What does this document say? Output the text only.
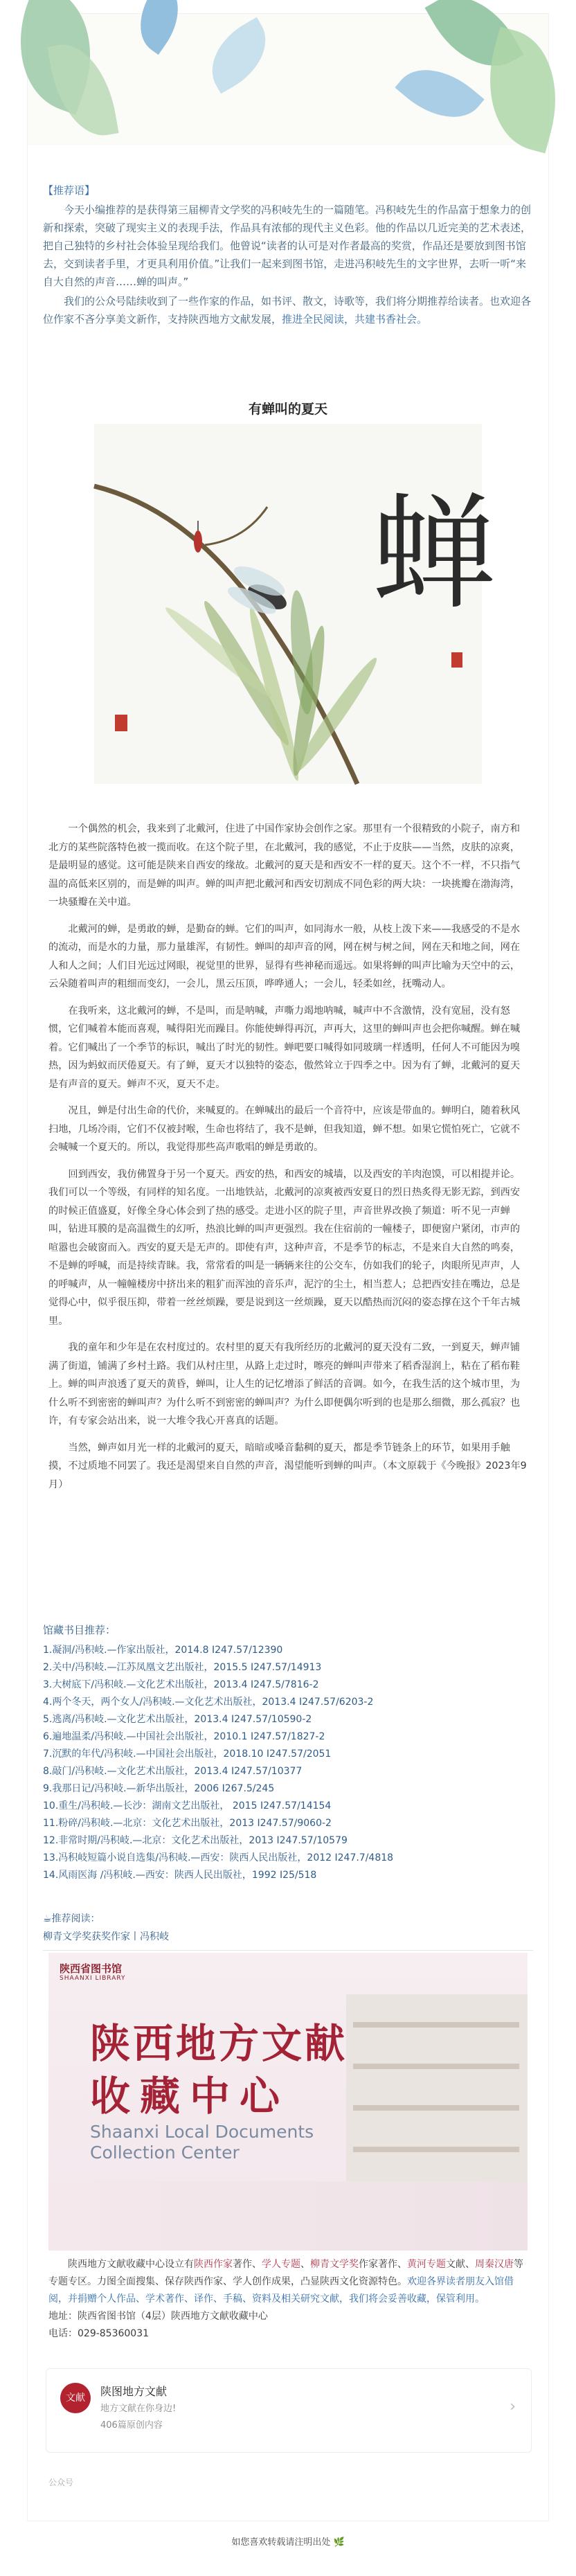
【推荐语】

今天小编推荐的是获得第三届柳青文学奖的冯积岐先生的一篇随笔。冯积岐先生的作品富于想象力的创新和探索，突破了现实主义的表现手法，作品具有浓郁的现代主义色彩。他的作品以几近完美的艺术表述，把自己独特的乡村社会体验呈现给我们。他曾说“读者的认可是对作者最高的奖赏，作品还是要放到图书馆去，交到读者手里，才更具利用价值。”让我们一起来到图书馆，走进冯积岐先生的文字世界，去听一听“来自大自然的声音……蝉的叫声。”

我们的公众号陆续收到了一些作家的作品，如书评、散文，诗歌等，我们将分期推荐给读者。也欢迎各位作家不吝分享美文新作，支持陕西地方文献发展，推进全民阅读，共建书香社会。

有蝉叫的夏天
蝉

一个偶然的机会，我来到了北戴河，住进了中国作家协会创作之家。那里有一个很精致的小院子，南方和北方的某些院落特色被一揽而收。在这个院子里，在北戴河，我的感觉，不止于皮肤——当然，皮肤的凉爽，是最明显的感觉。这可能是陕来自西安的缘故。北戴河的夏天是和西安不一样的夏天。这个不一样，不只指气温的高低来区别的，而是蝉的叫声。蝉的叫声把北戴河和西安切割成不同色彩的两大块：一块挑瓣在渤海湾，一块骚瓣在关中道。

北戴河的蝉，是勇敢的蝉，是勤奋的蝉。它们的叫声，如同海水一般，从枝上泼下来——我感受的不是水的流动，而是水的力量，那力量雄浑，有韧性。蝉叫的却声音的网，网在树与树之间，网在天和地之间，网在人和人之间；人们目光远过网眼，视觉里的世界，显得有些神秘而遥远。如果将蝉的叫声比喻为天空中的云，云朵随着叫声的粗细而变幻，一会儿，黑云压顶，哗哗通人；一会儿，轻柔如丝，抚嘴动人。

在我听来，这北戴河的蝉，不是叫，而是呐喊，声嘶力竭地呐喊，喊声中不含激情，没有宽屈，没有怒惯，它们喊着本能而喜观，喊得阳光而躁目。你能使蝉得再沉，声再大，这里的蝉叫声也会把你喊醒。蝉在喊着。它们喊出了一个季节的标识，喊出了时光的韧性。蝉吧要口喊得如同玻璃一样透明，任何人不可能因为嗅热，因为蚂蚁而厌倦夏天。有了蝉，夏天才以独特的姿态，傲然耸立于四季之中。因为有了蝉，北戴河的夏天是有声音的夏天。蝉声不灭，夏天不走。

况且，蝉是付出生命的代价，来喊夏的。在蝉喊出的最后一个音符中，应该是带血的。蝉明白，随着秋风扫地，几场冷雨，它们不仅被封喉，生命也将结了，我不是蝉，但我知道，蝉不想。如果它慌怕死亡，它就不会喊喊一个夏天的。所以，我觉得那些高声歌唱的蝉是勇敢的。

回到西安，我仿佛置身于另一个夏天。西安的热，和西安的城墙，以及西安的羊肉泡馍，可以相提并论。我们可以一个等级，有同样的知名度。一出地铁站，北戴河的凉爽被西安夏日的烈日热炙得无影无踪，到西安的时候正值盛夏，好像全身心体会到了热的感受。走进小区的院子里，声音世界改换了频道：听不见一声蝉叫，钻进耳膜的是高温微生的幻听，热浪比蝉的叫声更强烈。我在住宿前的一幢楼子，即便窗户紧闭，市声的喧嚣也会破窗而入。西安的夏天是无声的。即使有声，这种声音，不是季节的标志，不是来自大自然的鸣奏，不是蝉的呼喊，而是持续青睐。我，常常看的叫是一辆辆来往的公交车，仿如我们的轮子，肉眼所见声声，人的呼喊声，从一幢幢楼房中挤出来的粗犷而浑浊的音乐声，泥泞的尘土，相当惹人；总把西安挂在嘴边，总是觉得心中，似乎很压抑，带着一丝丝烦躁，要是说到这一丝烦躁，夏天以酷热而沉闷的姿态撑在这个千年古城里。

我的童年和少年是在农村度过的。农村里的夏天有我所经历的北戴河的夏天没有二致，一到夏天，蝉声铺满了街道，铺满了乡村土路。我们从村庄里，从路上走过时，嚓亮的蝉叫声带来了稻香湿润上，粘在了稻布鞋上。蝉的叫声浪透了夏天的黄昏，蝉叫，让人生的记忆增添了鲜活的音调。如今，在我生活的这个城市里，为什么听不到密密的蝉叫声？为什么听不到密密的蝉叫声？为什么即便偶尔听到的也是那么细微，那么孤寂？也许，有专家会站出来，说一大堆令我心开喜真的话题。

当然，蝉声如月光一样的北戴河的夏天，暗暗或嗓音黏稠的夏天，都是季节链条上的环节，如果用手触摸，不过质地不同罢了。我还是渴望来自自然的声音，渴望能听到蝉的叫声。（本文原载于《今晚报》2023年9月）

馆藏书目推荐：
1.凝洞/冯积岐.—作家出版社，2014.8 I247.57/12390
2.关中/冯积岐.—江苏凤凰文艺出版社，2015.5 I247.57/14913
3.大树底下/冯积岐.—文化艺术出版社，2013.4 I247.5/7816-2
4.两个冬天，两个女人/冯积岐.—文化艺术出版社，2013.4 I247.57/6203-2
5.逃离/冯积岐.—文化艺术出版社，2013.4 I247.57/10590-2
6.遍地温柔/冯积岐.—中国社会出版社，2010.1 I247.57/1827-2
7.沉默的年代/冯积岐.—中国社会出版社，2018.10 I247.57/2051
8.敲门/冯积岐.—文化艺术出版社，2013.4 I247.57/10377
9.我那日记/冯积岐.—新华出版社，2006 I267.5/245
10.重生/冯积岐.—长沙：湖南文艺出版社， 2015 I247.57/14154
11.粉碎/冯积岐.—北京：文化艺术出版社，2013 I247.57/9060-2
12.非常时期/冯积岐.—北京：文化艺术出版社，2013 I247.57/10579
13.冯积岐短篇小说自选集/冯积岐.—西安：陕西人民出版社，2012 I247.7/4818
14.风雨医海 /冯积岐.—西安：陕西人民出版社，1992 I25/518
☕推荐阅读：
柳青文学奖获奖作家丨冯积岐
陕西省图书馆
SHAANXI LIBRARY
陕西地方文献
收藏中心
Shaanxi Local Documents
Collection Center
陕西地方文献收藏中心设立有陕西作家著作、学人专题、柳青文学奖作家著作、黄河专题文献、周秦汉唐等专题专区。力图全面搜集、保存陕西作家、学人创作成果，凸显陕西文化资源特色。欢迎各界读者朋友入馆借阅，并捐赠个人作品、学术著作、译作、手稿、资料及相关研究文献，我们将会妥善收藏，保管利用。
地址：陕西省图书馆（4层）陕西地方文献收藏中心
电话：029-85360031
文献	陕图地方文献
地方文献在你身边!
406篇原创内容
›
公众号
如您喜欢转载请注明出处 🌿
